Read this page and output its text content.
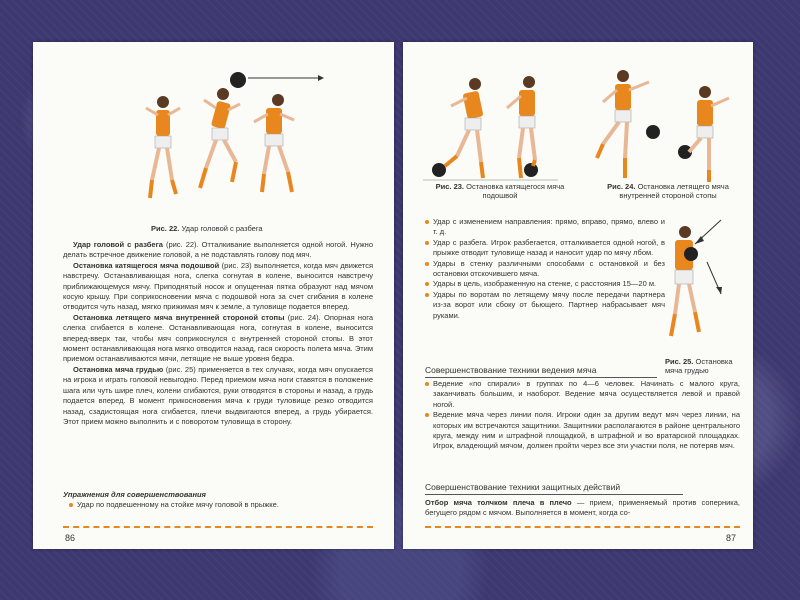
Рис. 22. Удар головой с разбега

Удар головой с разбега (рис. 22). Отталкивание выполняется одной ногой. Нужно делать встречное движение головой, а не подставлять голову под мяч.

Остановка катящегося мяча подошвой (рис. 23) выполняется, когда мяч движется навстречу. Останавливающая нога, слегка согнутая в колене, выносится навстречу приближающемуся мячу. Приподнятый носок и опущенная пятка образуют над мячом косую крышу. При соприкосновении мяча с подошвой нога за счет сгибания в колене отводится чуть назад, мягко прижимая мяч к земле, а туловище подается вперед.

Остановка летящего мяча внутренней стороной стопы (рис. 24). Опорная нога слегка сгибается в колене. Останавливающая нога, согнутая в колене, выносится вперед-вверх так, чтобы мяч соприкоснулся с внутренней стороной стопы. В этот момент останавливающая нога мягко отводится назад, гася скорость полета мяча. Этим приемом останавливаются мячи, летящие не выше уровня бедра.

Остановка мяча грудью (рис. 25) применяется в тех случаях, когда мяч опускается на игрока и играть головой невыгодно. Перед приемом мяча ноги ставятся в положение шага или чуть шире плеч, колени сгибаются, руки отводятся в стороны и назад, а грудь подается вперед. В момент прикосновения мяча к груди туловище резко отводится назад, сзадистоящая нога сгибается, плечи выдвигаются вперед, а грудь убирается. Этот прием можно выполнить и с поворотом туловища в сторону.

Упражнения для совершенствования
Удар по подвешенному на стойке мячу головой в прыжке.
86
Рис. 23. Остановка катящегося мяча подошвой
Рис. 24. Остановка летящего мяча внутренней стороной стопы
Удар с изменением направления: прямо, вправо, прямо, влево и т. д.
Удар с разбега. Игрок разбегается, отталкивается одной ногой, в прыжке отводит туловище назад и наносит удар по мячу лбом.
Удары в стенку различными способами с остановкой и без остановки отскочившего мяча.
Удары в цель, изображенную на стенке, с расстояния 15—20 м.
Удары по воротам по летящему мячу после передачи партнера из-за ворот или сбоку от бьющего. Партнер набрасывает мяч руками.
Рис. 25. Остановка мяча грудью
Совершенствование техники ведения мяча
Ведение «по спирали» в группах по 4—6 человек. Начинать с малого круга, заканчивать большим, и наоборот. Ведение мяча осуществляется левой и правой ногой.
Ведение мяча через линии поля. Игроки один за другим ведут мяч через линии, на которых им встречаются защитники. Защитники располагаются в районе центрального круга, между ним и штрафной площадкой, в штрафной и во вратарской площадках. Игрок, владеющий мячом, должен пройти через все эти участки поля, не потеряв мяч.
Совершенствование техники защитных действий

Отбор мяча толчком плеча в плечо — прием, применяемый против соперника, бегущего рядом с мячом. Выполняется в момент, когда со-

87
